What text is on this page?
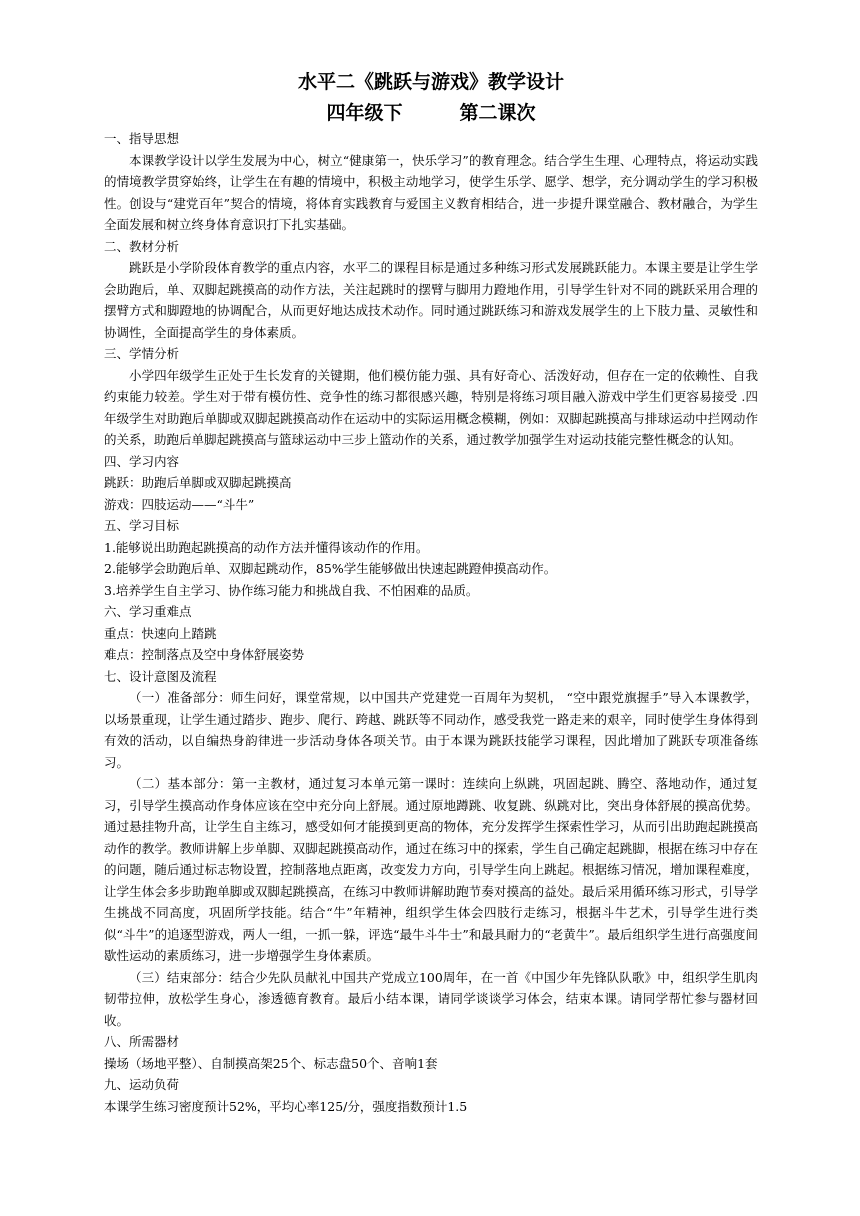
水平二《跳跃与游戏》教学设计
四年级下　　　第二课次

一、指导思想

本课教学设计以学生发展为中心，树立“健康第一，快乐学习”的教育理念。结合学生生理、心理特点，将运动实践的情境教学贯穿始终，让学生在有趣的情境中，积极主动地学习，使学生乐学、愿学、想学，充分调动学生的学习积极性。创设与“建党百年”契合的情境，将体育实践教育与爱国主义教育相结合，进一步提升课堂融合、教材融合，为学生全面发展和树立终身体育意识打下扎实基础。

二、教材分析

跳跃是小学阶段体育教学的重点内容，水平二的课程目标是通过多种练习形式发展跳跃能力。本课主要是让学生学会助跑后，单、双脚起跳摸高的动作方法，关注起跳时的摆臂与脚用力蹬地作用，引导学生针对不同的跳跃采用合理的摆臂方式和脚蹬地的协调配合，从而更好地达成技术动作。同时通过跳跃练习和游戏发展学生的上下肢力量、灵敏性和协调性，全面提高学生的身体素质。

三、学情分析

小学四年级学生正处于生长发育的关键期，他们模仿能力强、具有好奇心、活泼好动，但存在一定的依赖性、自我约束能力较差。学生对于带有模仿性、竞争性的练习都很感兴趣，特别是将练习项目融入游戏中学生们更容易接受 .四年级学生对助跑后单脚或双脚起跳摸高动作在运动中的实际运用概念模糊，例如：双脚起跳摸高与排球运动中拦网动作的关系，助跑后单脚起跳摸高与篮球运动中三步上篮动作的关系，通过教学加强学生对运动技能完整性概念的认知。

四、学习内容

跳跃：助跑后单脚或双脚起跳摸高

游戏：四肢运动——“斗牛”

五、学习目标

1.能够说出助跑起跳摸高的动作方法并懂得该动作的作用。

2.能够学会助跑后单、双脚起跳动作，85%学生能够做出快速起跳蹬伸摸高动作。

3.培养学生自主学习、协作练习能力和挑战自我、不怕困难的品质。

六、学习重难点

重点：快速向上踏跳

难点：控制落点及空中身体舒展姿势

七、设计意图及流程

（一）准备部分：师生问好，课堂常规，以中国共产党建党一百周年为契机， “空中跟党旗握手”导入本课教学，以场景重现，让学生通过踏步、跑步、爬行、跨越、跳跃等不同动作，感受我党一路走来的艰辛，同时使学生身体得到有效的活动，以自编热身韵律进一步活动身体各项关节。由于本课为跳跃技能学习课程，因此增加了跳跃专项准备练习。

（二）基本部分：第一主教材，通过复习本单元第一课时：连续向上纵跳，巩固起跳、腾空、落地动作，通过复习，引导学生摸高动作身体应该在空中充分向上舒展。通过原地蹲跳、收复跳、纵跳对比，突出身体舒展的摸高优势。通过悬挂物升高，让学生自主练习，感受如何才能摸到更高的物体，充分发挥学生探索性学习，从而引出助跑起跳摸高动作的教学。教师讲解上步单脚、双脚起跳摸高动作，通过在练习中的探索，学生自己确定起跳脚，根据在练习中存在的问题，随后通过标志物设置，控制落地点距离，改变发力方向，引导学生向上跳起。根据练习情况，增加课程难度，让学生体会多步助跑单脚或双脚起跳摸高，在练习中教师讲解助跑节奏对摸高的益处。最后采用循环练习形式，引导学生挑战不同高度，巩固所学技能。结合“牛”年精神，组织学生体会四肢行走练习，根据斗牛艺术，引导学生进行类似“斗牛”的追逐型游戏，两人一组，一抓一躲，评选“最牛斗牛士”和最具耐力的“老黄牛”。最后组织学生进行高强度间歇性运动的素质练习，进一步增强学生身体素质。

（三）结束部分：结合少先队员献礼中国共产党成立100周年，在一首《中国少年先锋队队歌》中，组织学生肌肉韧带拉伸，放松学生身心，渗透德育教育。最后小结本课，请同学谈谈学习体会，结束本课。请同学帮忙参与器材回收。

八、所需器材

操场（场地平整）、自制摸高架25个、标志盘50个、音响1套

九、运动负荷

本课学生练习密度预计52%，平均心率125/分，强度指数预计1.5
